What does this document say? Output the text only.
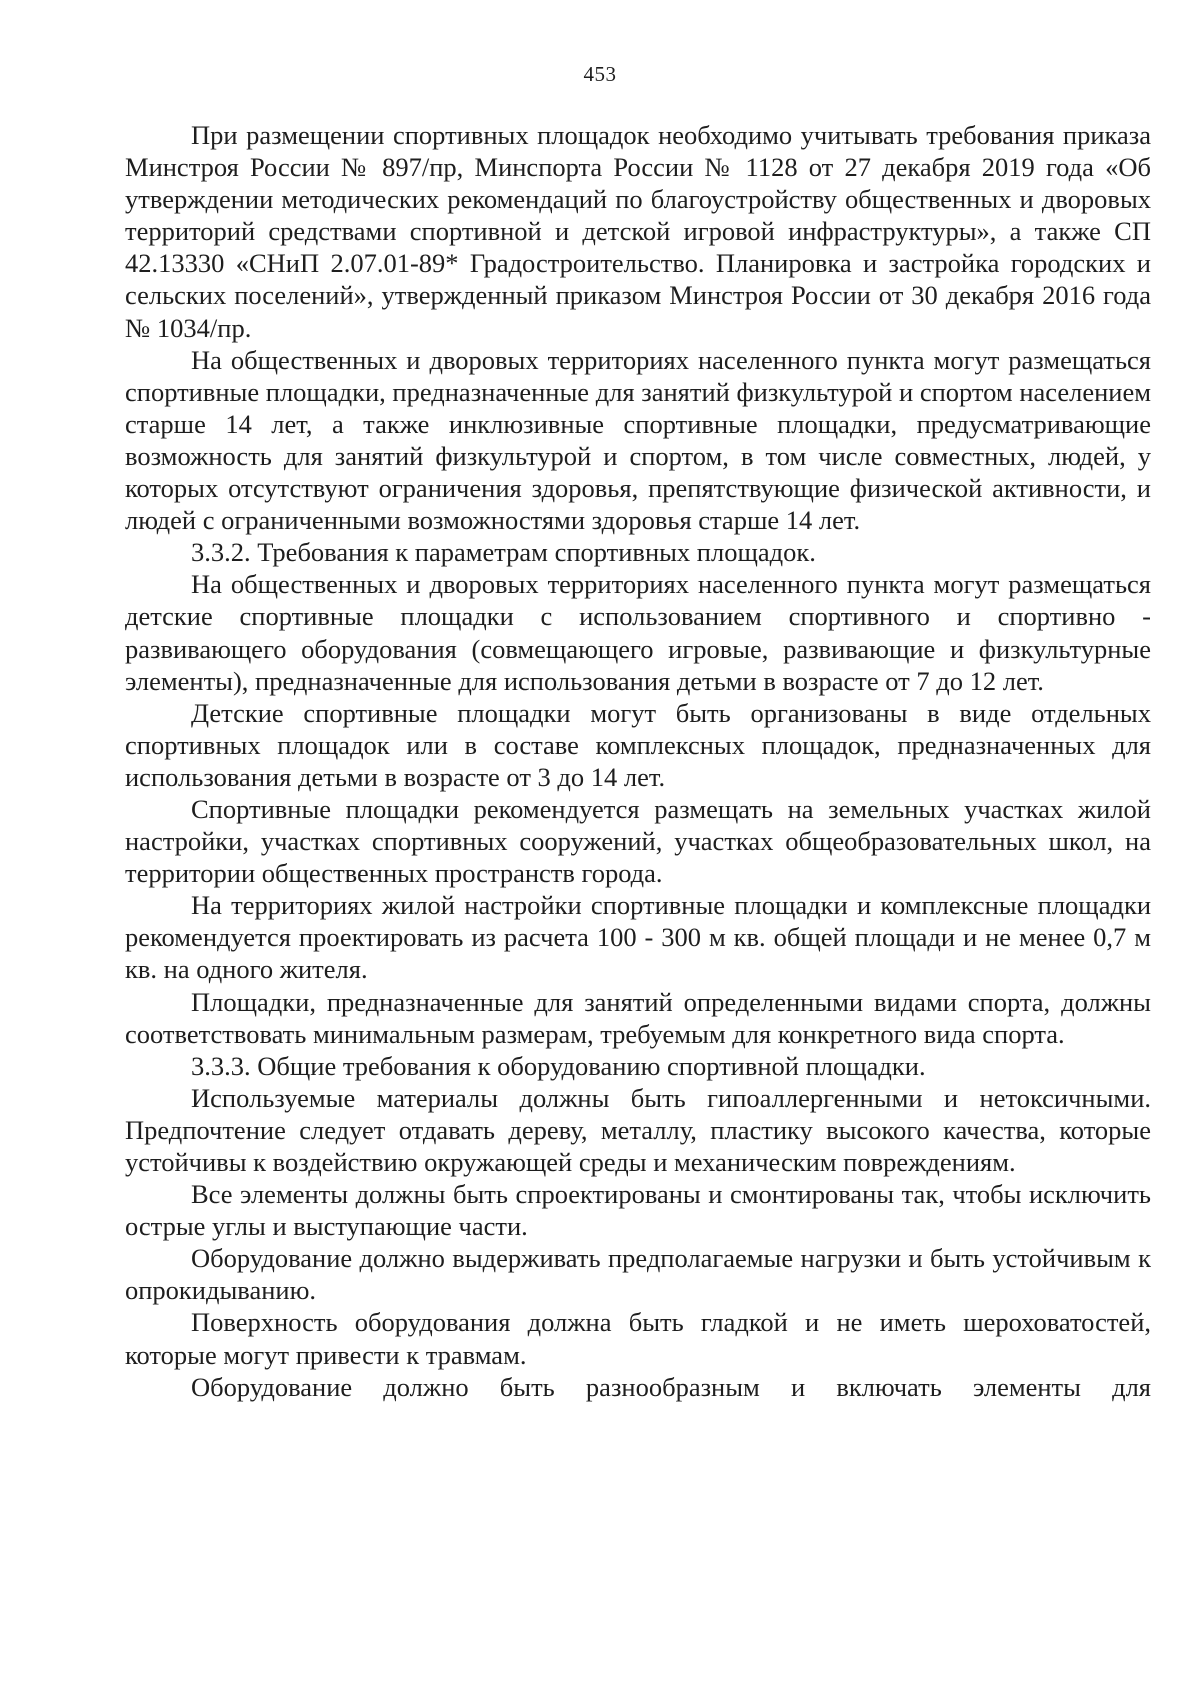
453

При размещении спортивных площадок необходимо учитывать требования приказа Минстроя России № 897/пр, Минспорта России № 1128 от 27 декабря 2019 года «Об утверждении методических рекомендаций по благоустройству общественных и дворовых территорий средствами спортивной и детской игровой инфраструктуры», а также СП 42.13330 «СНиП 2.07.01-89* Градостроительство. Планировка и застройка городских и сельских поселений», утвержденный приказом Минстроя России от 30 декабря 2016 года № 1034/пр.

На общественных и дворовых территориях населенного пункта могут размещаться спортивные площадки, предназначенные для занятий физкультурой и спортом населением старше 14 лет, а также инклюзивные спортивные площадки, предусматривающие возможность для занятий физкультурой и спортом, в том числе совместных, людей, у которых отсутствуют ограничения здоровья, препятствующие физической активности, и людей с ограниченными возможностями здоровья старше 14 лет.

3.3.2. Требования к параметрам спортивных площадок.

На общественных и дворовых территориях населенного пункта могут размещаться детские спортивные площадки с использованием спортивного и спортивно - развивающего оборудования (совмещающего игровые, развивающие и физкультурные элементы), предназначенные для использования детьми в возрасте от 7 до 12 лет.

Детские спортивные площадки могут быть организованы в виде отдельных спортивных площадок или в составе комплексных площадок, предназначенных для использования детьми в возрасте от 3 до 14 лет.

Спортивные площадки рекомендуется размещать на земельных участках жилой настройки, участках спортивных сооружений, участках общеобразовательных школ, на территории общественных пространств города.

На территориях жилой настройки спортивные площадки и комплексные площадки рекомендуется проектировать из расчета 100 - 300 м кв. общей площади и не менее 0,7 м кв. на одного жителя.

Площадки, предназначенные для занятий определенными видами спорта, должны соответствовать минимальным размерам, требуемым для конкретного вида спорта.

3.3.3. Общие требования к оборудованию спортивной площадки.

Используемые материалы должны быть гипоаллергенными и нетоксичными. Предпочтение следует отдавать дереву, металлу, пластику высокого качества, которые устойчивы к воздействию окружающей среды и механическим повреждениям.

Все элементы должны быть спроектированы и смонтированы так, чтобы исключить острые углы и выступающие части.

Оборудование должно выдерживать предполагаемые нагрузки и быть устойчивым к опрокидыванию.

Поверхность оборудования должна быть гладкой и не иметь шероховатостей, которые могут привести к травмам.

Оборудование должно быть разнообразным и включать элементы для
